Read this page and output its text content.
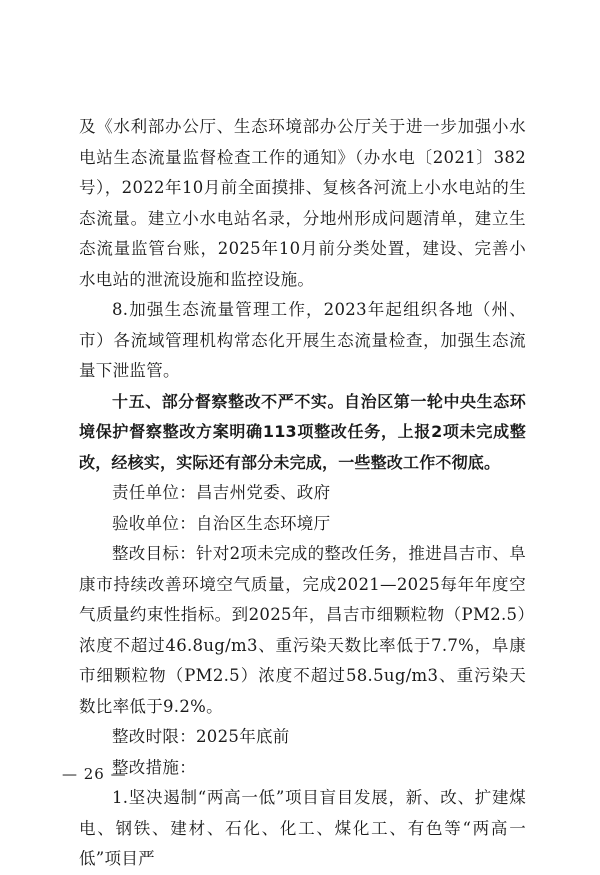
及《水利部办公厅、生态环境部办公厅关于进一步加强小水电站生态流量监督检查工作的通知》（办水电〔2021〕382号），2022年10月前全面摸排、复核各河流上小水电站的生态流量。建立小水电站名录，分地州形成问题清单，建立生态流量监管台账，2025年10月前分类处置，建设、完善小水电站的泄流设施和监控设施。

8.加强生态流量管理工作，2023年起组织各地（州、市）各流域管理机构常态化开展生态流量检查，加强生态流量下泄监管。

十五、部分督察整改不严不实。自治区第一轮中央生态环境保护督察整改方案明确113项整改任务，上报2项未完成整改，经核实，实际还有部分未完成，一些整改工作不彻底。

责任单位：昌吉州党委、政府

验收单位：自治区生态环境厅

整改目标：针对2项未完成的整改任务，推进昌吉市、阜康市持续改善环境空气质量，完成2021—2025每年年度空气质量约束性指标。到2025年，昌吉市细颗粒物（PM2.5）浓度不超过46.8ug/m3、重污染天数比率低于7.7%，阜康市细颗粒物（PM2.5）浓度不超过58.5ug/m3、重污染天数比率低于9.2%。

整改时限：2025年底前

整改措施：

1.坚决遏制“两高一低”项目盲目发展，新、改、扩建煤电、钢铁、建材、石化、化工、煤化工、有色等“两高一低”项目严

— 26 —
